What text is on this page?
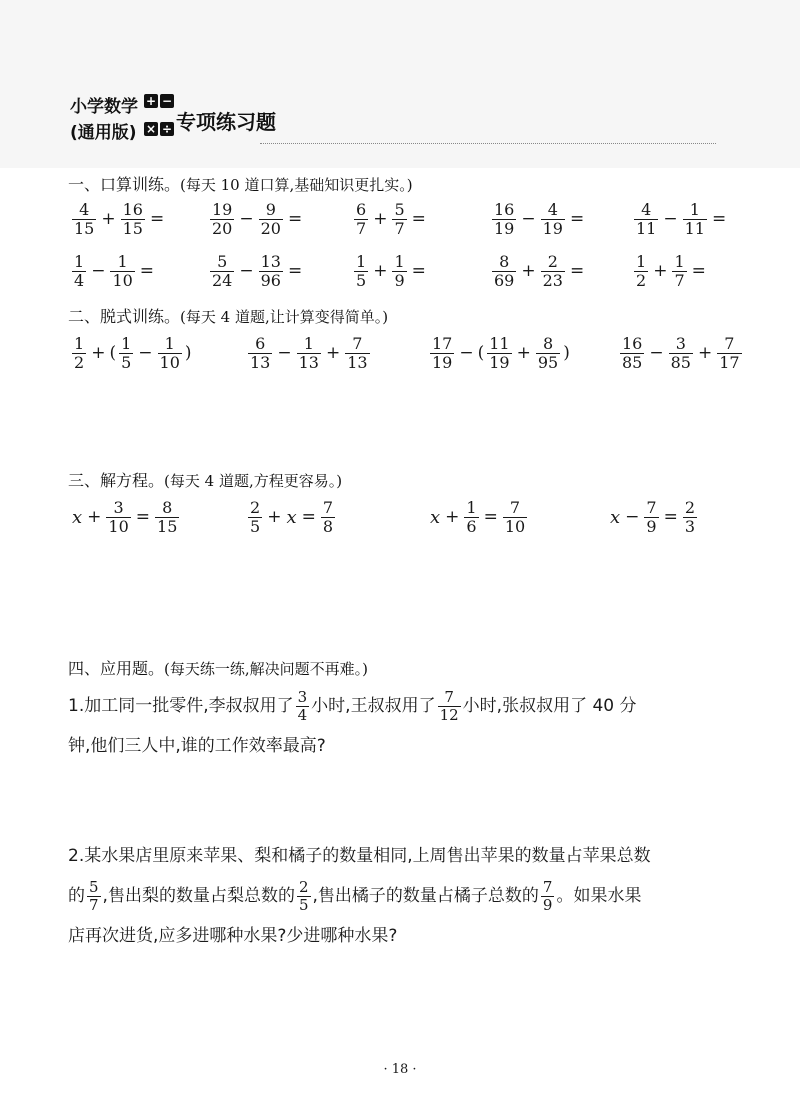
小学数学
(通用版)
+ −
× ÷ 专项练习题
一、口算训练。(每天 10 道口算,基础知识更扎实。)
$\frac{4}{15} + \frac{16}{15}$ =	$\frac{19}{20} - \frac{9}{20}$ =	$\frac{6}{7} + \frac{5}{7}$ =	$\frac{16}{19} - \frac{4}{19}$ =	$\frac{4}{11} - \frac{1}{11}$ =
$\frac{1}{4} - \frac{1}{10}$ =	$\frac{5}{24} - \frac{13}{96}$ =	$\frac{1}{5} + \frac{1}{9}$ =	$\frac{8}{69} + \frac{2}{23}$ =	$\frac{1}{2} + \frac{1}{7}$ =
二、脱式训练。(每天 4 道题,让计算变得简单。)
$\frac{1}{2}$ + ( $\frac{1}{5} - \frac{1}{10}$ )	$\frac{6}{13} - \frac{1}{13} + \frac{7}{13}$	$\frac{17}{19}$ − ( $\frac{11}{19} + \frac{8}{95}$ )	$\frac{16}{85} - \frac{3}{85} + \frac{7}{17}$
三、解方程。(每天 4 道题,方程更容易。)
$x + \frac{3}{10} = \frac{8}{15}$	$\frac{2}{5} + x = \frac{7}{8}$	$x + \frac{1}{6} = \frac{7}{10}$	$x - \frac{7}{9} = \frac{2}{3}$
四、应用题。(每天练一练,解决问题不再难。)
1.加工同一批零件,李叔叔用了 $\frac{3}{4}$ 小时,王叔叔用了 $\frac{7}{12}$ 小时,张叔叔用了 40 分
钟,他们三人中,谁的工作效率最高?
2.某水果店里原来苹果、梨和橘子的数量相同,上周售出苹果的数量占苹果总数
的 $\frac{5}{7}$ ,售出梨的数量占梨总数的 $\frac{2}{5}$ ,售出橘子的数量占橘子总数的 $\frac{7}{9}$ 。如果水果
店再次进货,应多进哪种水果?少进哪种水果?
· 18 ·
